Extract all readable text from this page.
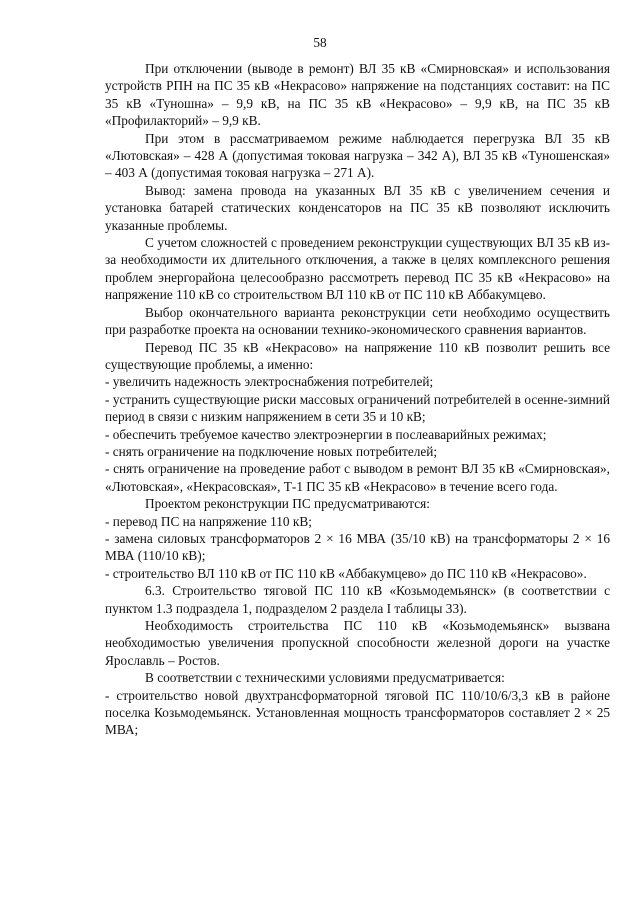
58

При отключении (выводе в ремонт) ВЛ 35 кВ «Смирновская» и использования устройств РПН на ПС 35 кВ «Некрасово» напряжение на подстанциях составит: на ПС 35 кВ «Туношна» – 9,9 кВ, на ПС 35 кВ «Некрасово» – 9,9 кВ, на ПС 35 кВ «Профилакторий» – 9,9 кВ.

При этом в рассматриваемом режиме наблюдается перегрузка ВЛ 35 кВ «Лютовская» – 428 А (допустимая токовая нагрузка – 342 А), ВЛ 35 кВ «Туношенская» – 403 А (допустимая токовая нагрузка – 271 А).

Вывод: замена провода на указанных ВЛ 35 кВ с увеличением сечения и установка батарей статических конденсаторов на ПС 35 кВ позволяют исключить указанные проблемы.

С учетом сложностей с проведением реконструкции существующих ВЛ 35 кВ из-за необходимости их длительного отключения, а также в целях комплексного решения проблем энергорайона целесообразно рассмотреть перевод ПС 35 кВ «Некрасово» на напряжение 110 кВ со строительством ВЛ 110 кВ от ПС 110 кВ Аббакумцево.

Выбор окончательного варианта реконструкции сети необходимо осуществить при разработке проекта на основании технико-экономического сравнения вариантов.

Перевод ПС 35 кВ «Некрасово» на напряжение 110 кВ позволит решить все существующие проблемы, а именно:

- увеличить надежность электроснабжения потребителей;

- устранить существующие риски массовых ограничений потребителей в осенне-зимний период в связи с низким напряжением в сети 35 и 10 кВ;

- обеспечить требуемое качество электроэнергии в послеаварийных режимах;

- снять ограничение на подключение новых потребителей;

- снять ограничение на проведение работ с выводом в ремонт ВЛ 35 кВ «Смирновская», «Лютовская», «Некрасовская», Т-1 ПС 35 кВ «Некрасово» в течение всего года.

Проектом реконструкции ПС предусматриваются:

- перевод ПС на напряжение 110 кВ;

- замена силовых трансформаторов 2 × 16 МВА (35/10 кВ) на трансформаторы 2 × 16 МВА (110/10 кВ);

- строительство ВЛ 110 кВ от ПС 110 кВ «Аббакумцево» до ПС 110 кВ «Некрасово».

6.3. Строительство тяговой ПС 110 кВ «Козьмодемьянск» (в соответствии с пунктом 1.3 подраздела 1, подразделом 2 раздела I таблицы 33).

Необходимость строительства ПС 110 кВ «Козьмодемьянск» вызвана необходимостью увеличения пропускной способности железной дороги на участке Ярославль – Ростов.

В соответствии с техническими условиями предусматривается:

- строительство новой двухтрансформаторной тяговой ПС 110/10/6/3,3 кВ в районе поселка Козьмодемьянск. Установленная мощность трансформаторов составляет 2 × 25 МВА;
